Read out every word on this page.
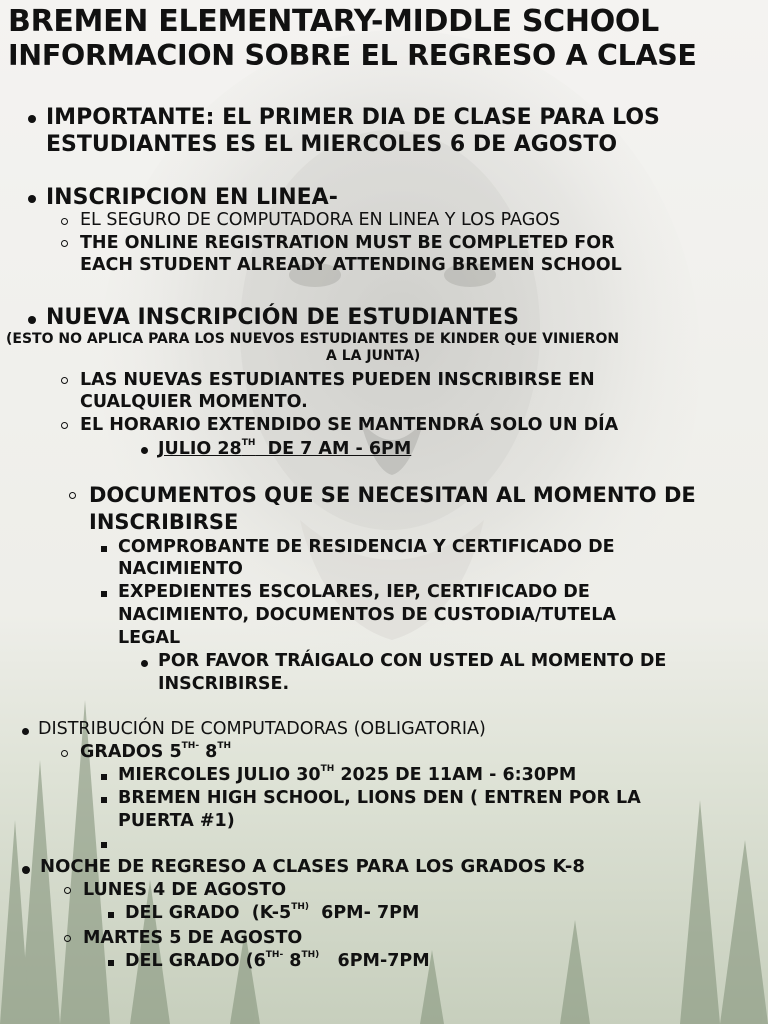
BREMEN ELEMENTARY-MIDDLE SCHOOL
INFORMACION SOBRE EL REGRESO A CLASE
IMPORTANTE: EL PRIMER DIA DE CLASE PARA LOS
ESTUDIANTES ES EL MIERCOLES 6 DE AGOSTO
INSCRIPCION EN LINEA-
EL SEGURO DE COMPUTADORA EN LINEA Y LOS PAGOS
THE ONLINE REGISTRATION MUST BE COMPLETED FOR
EACH STUDENT ALREADY ATTENDING BREMEN SCHOOL
NUEVA INSCRIPCIÓN DE ESTUDIANTES
(ESTO NO APLICA PARA LOS NUEVOS ESTUDIANTES DE KINDER QUE VINIERON
A LA JUNTA)
LAS NUEVAS ESTUDIANTES PUEDEN INSCRIBIRSE EN
CUALQUIER MOMENTO.
EL HORARIO EXTENDIDO SE MANTENDRÁ SOLO UN DÍA
JULIO 28TH  DE 7 AM - 6PM
DOCUMENTOS QUE SE NECESITAN AL MOMENTO DE
INSCRIBIRSE
COMPROBANTE DE RESIDENCIA Y CERTIFICADO DE
NACIMIENTO
EXPEDIENTES ESCOLARES, IEP, CERTIFICADO DE
NACIMIENTO, DOCUMENTOS DE CUSTODIA/TUTELA
LEGAL
POR FAVOR TRÁIGALO CON USTED AL MOMENTO DE
INSCRIBIRSE.
DISTRIBUCIÓN DE COMPUTADORAS (OBLIGATORIA)
GRADOS $5^{TH-}$ 8TH
MIERCOLES JULIO 30TH 2025 DE 11AM - 6:30PM
BREMEN HIGH SCHOOL, LIONS DEN ( ENTREN POR LA
PUERTA #1)
NOCHE DE REGRESO A CLASES PARA LOS GRADOS K-8
LUNES 4 DE AGOSTO
DEL GRADO  ($K-5^{TH)}$  6PM- 7PM
MARTES 5 DE AGOSTO
DEL GRADO ($6^{TH-}$ $8^{TH)}$   6PM-7PM
